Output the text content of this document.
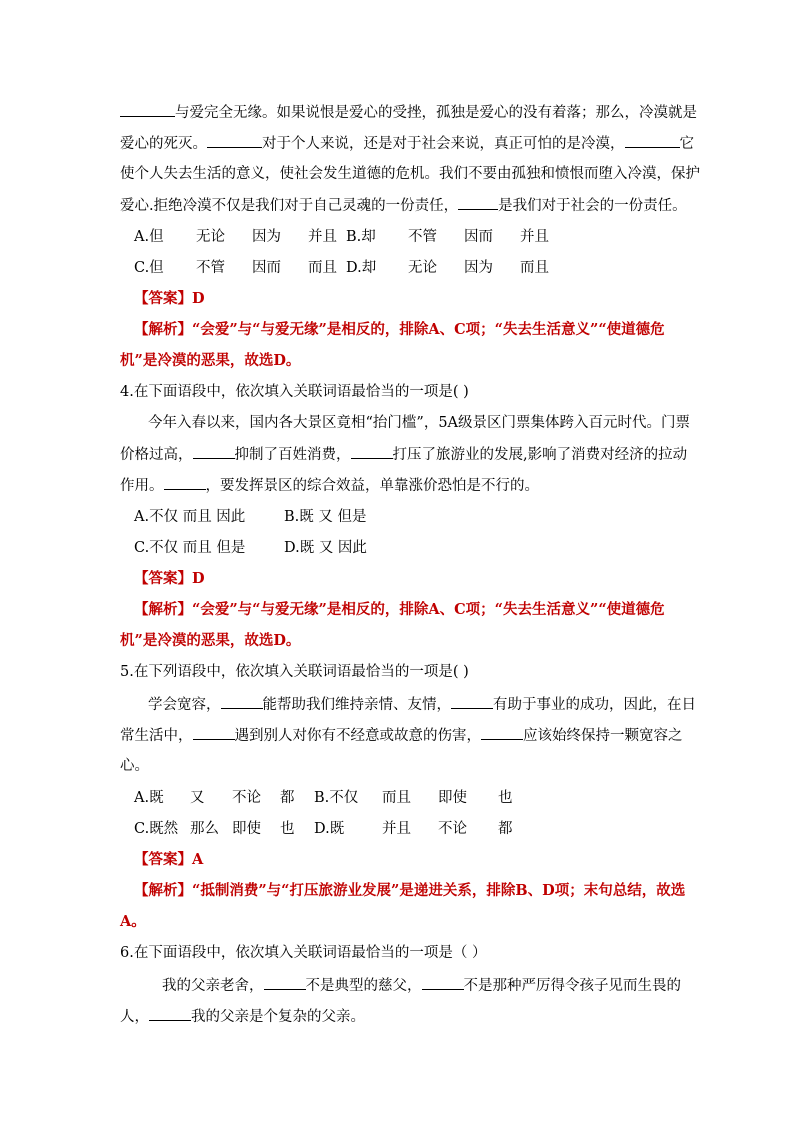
与爱完全无缘。如果说恨是爱心的受挫，孤独是爱心的没有着落；那么，冷漠就是
爱心的死灭。	对于个人来说，还是对于社会来说，真正可怕的是冷漠，	它
使个人失去生活的意义，使社会发生道德的危机。我们不要由孤独和愤恨而堕入冷漠，保护
爱心.拒绝冷漠不仅是我们对于自己灵魂的一份责任，	是我们对于社会的一份责任。
A.但 无论 因为 并且 B.却 不管 因而 并且
C.但 不管 因而 而且 D.却 无论 因为 而且
【答案】D
【解析】“会爱”与“与爱无缘”是相反的，排除A、C项；“失去生活意义”“使道德危
机”是冷漠的恶果，故选D。
4.在下面语段中，依次填入关联词语最恰当的一项是( )
今年入春以来，国内各大景区竟相“抬门槛”，5A级景区门票集体跨入百元时代。门票
价格过高，	抑制了百姓消费，	打压了旅游业的发展,影响了消费对经济的拉动
作用。	，要发挥景区的综合效益，单靠涨价恐怕是不行的。
A.不仅 而且 因此	B.既 又 但是
C.不仅 而且 但是	D.既 又 因此
【答案】D
【解析】“会爱”与“与爱无缘”是相反的，排除A、C项；“失去生活意义”“使道德危
机”是冷漠的恶果，故选D。
5.在下列语段中，依次填入关联词语最恰当的一项是( )
学会宽容，	能帮助我们维持亲情、友情，	有助于事业的成功，因此，在日
常生活中，	遇到别人对你有不经意或故意的伤害，	应该始终保持一颗宽容之
心。
A.既 又 不论 都 B.不仅 而且 即使 也
C.既然 那么 即使 也 D.既	并且 不论 都
【答案】A
【解析】“抵制消费”与“打压旅游业发展”是递进关系，排除B、D项；末句总结，故选
A。
6.在下面语段中，依次填入关联词语最恰当的一项是（ ）
我的父亲老舍，	不是典型的慈父，	不是那种严厉得令孩子见而生畏的
人，	我的父亲是个复杂的父亲。
